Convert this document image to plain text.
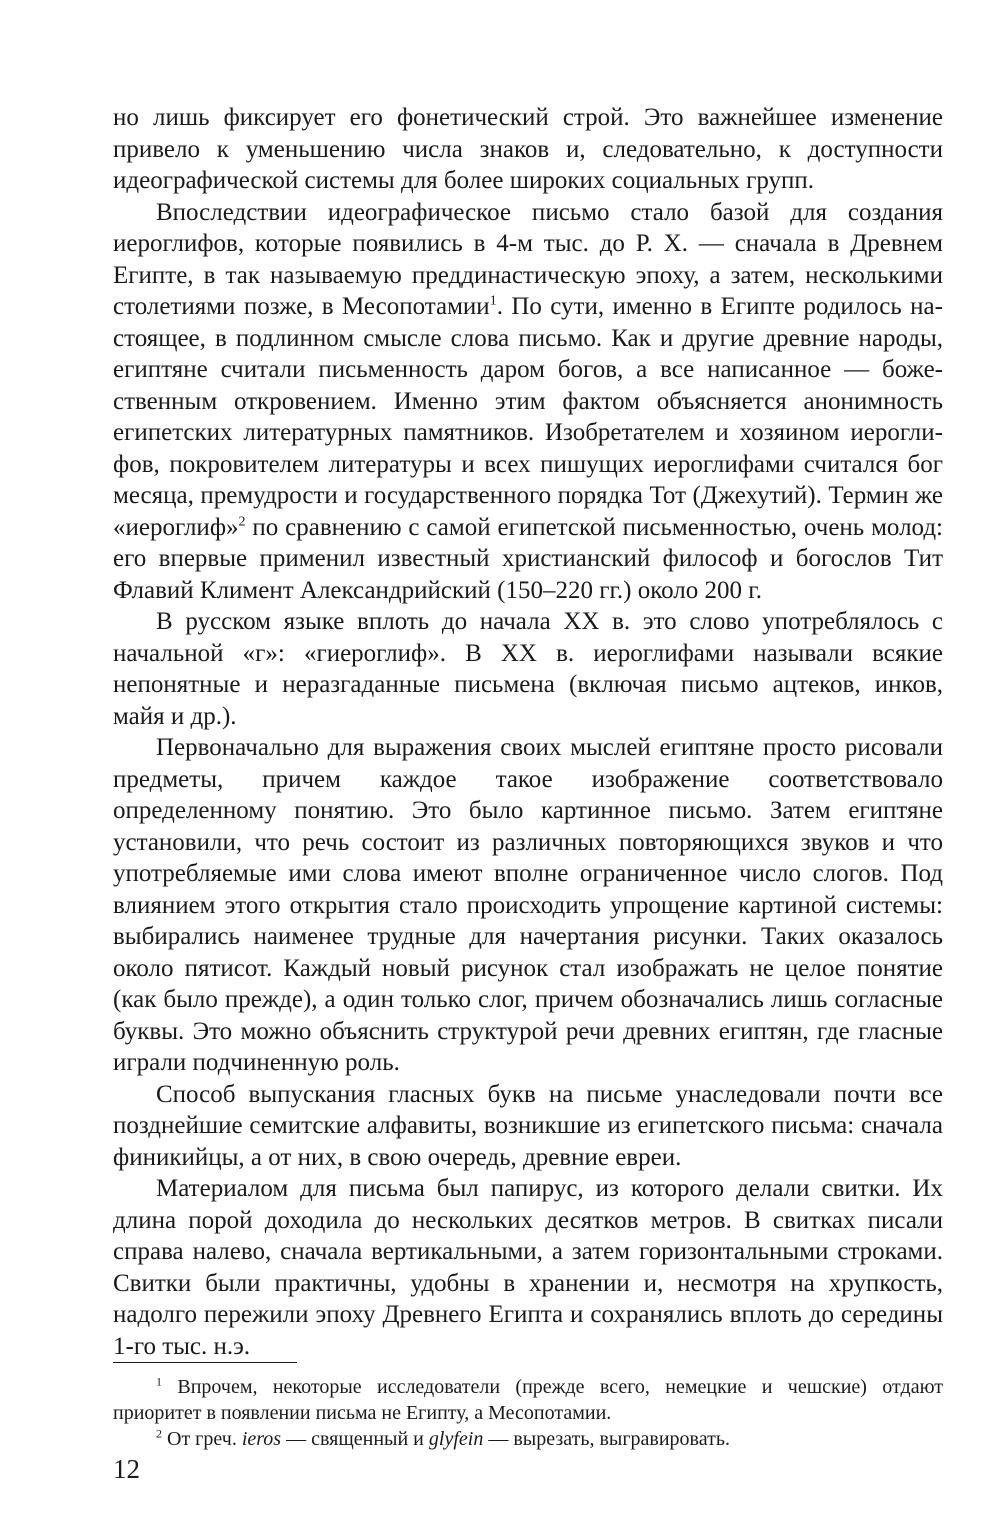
но лишь фиксирует его фонетический строй. Это важнейшее изменение привело к уменьшению числа знаков и, следовательно, к доступности идеографической системы для более широких социальных групп.

Впоследствии идеографическое письмо стало базой для создания иероглифов, которые появились в 4-м тыс. до Р. Х. — сначала в Древнем Египте, в так называемую преддинастическую эпоху, а затем, несколькими столетиями позже, в Месопотамии$^1$. По сути, именно в Египте родилось настоящее, в подлинном смысле слова письмо. Как и другие древние народы, египтяне считали письменность даром богов, а все написанное — божественным откровением. Именно этим фактом объясняется анонимность египетских литературных памятников. Изобретателем и хозяином иероглифов, покровителем литературы и всех пишущих иероглифами считался бог месяца, премудрости и государственного порядка Тот (Джехутий). Термин же «иероглиф»$^2$ по сравнению с самой египетской письменностью, очень молод: его впервые применил известный христианский философ и богослов Тит Флавий Климент Александрийский (150–220 гг.) около 200 г.

В русском языке вплоть до начала XX в. это слово употреблялось с начальной «г»: «гиероглиф». В XX в. иероглифами называли всякие непонятные и неразгаданные письмена (включая письмо ацтеков, инков, майя и др.).

Первоначально для выражения своих мыслей египтяне просто рисовали предметы, причем каждое такое изображение соответствовало определенному понятию. Это было картинное письмо. Затем египтяне установили, что речь состоит из различных повторяющихся звуков и что употребляемые ими слова имеют вполне ограниченное число слогов. Под влиянием этого открытия стало происходить упрощение картиной системы: выбирались наименее трудные для начертания рисунки. Таких оказалось около пятисот. Каждый новый рисунок стал изображать не целое понятие (как было прежде), а один только слог, причем обозначались лишь согласные буквы. Это можно объяснить структурой речи древних египтян, где гласные играли подчиненную роль.

Способ выпускания гласных букв на письме унаследовали почти все позднейшие семитские алфавиты, возникшие из египетского письма: сначала финикийцы, а от них, в свою очередь, древние евреи.

Материалом для письма был папирус, из которого делали свитки. Их длина порой доходила до нескольких десятков метров. В свитках писали справа налево, сначала вертикальными, а затем горизонтальными строками. Свитки были практичны, удобны в хранении и, несмотря на хрупкость, надолго пережили эпоху Древнего Египта и сохранялись вплоть до середины 1-го тыс. н.э.

$^1$ Впрочем, некоторые исследователи (прежде всего, немецкие и чешские) отдают приоритет в появлении письма не Египту, а Месопотамии.

$^2$ От греч. ieros — священный и glyfein — вырезать, выгравировать.

12
